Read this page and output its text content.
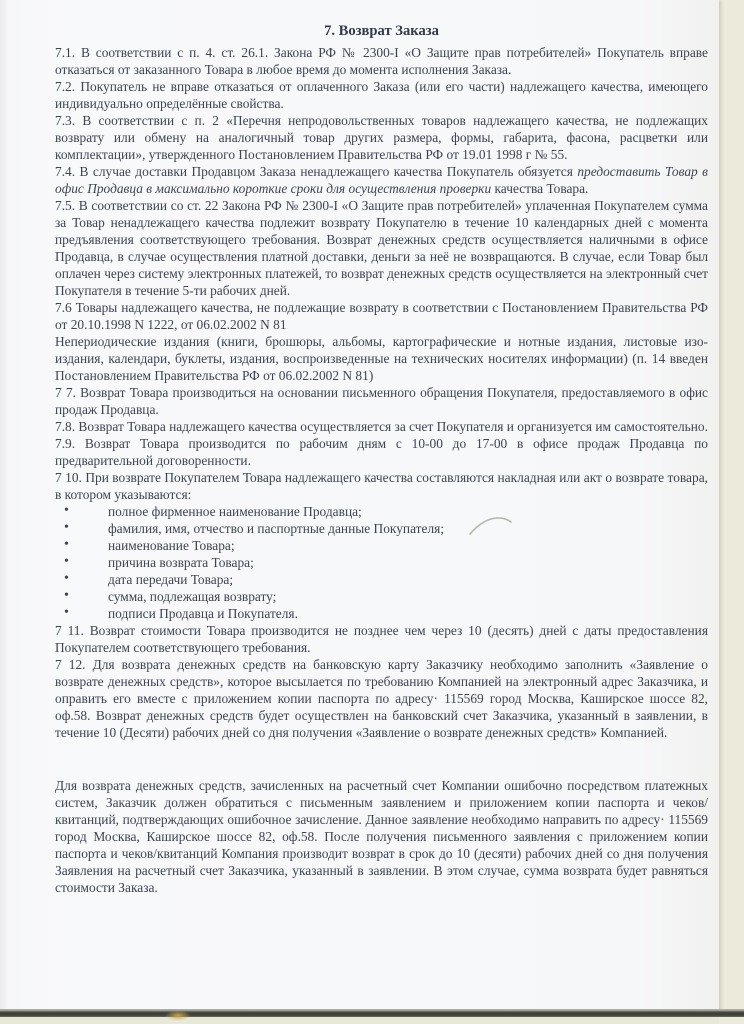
7. Возврат Заказа

7.1. В соответствии с п. 4. ст. 26.1. Закона РФ № 2300-I «О Защите прав потребителей» Покупатель вправе отказаться от заказанного Товара в любое время до момента исполнения Заказа.

7.2. Покупатель не вправе отказаться от оплаченного Заказа (или его части) надлежащего качества, имеющего индивидуально определённые свойства.

7.3. В соответствии с п. 2 «Перечня непродовольственных товаров надлежащего качества, не подлежащих возврату или обмену на аналогичный товар других размера, формы, габарита, фасона, расцветки или комплектации», утвержденного Постановлением Правительства РФ от 19.01 1998 г № 55.

7.4. В случае доставки Продавцом Заказа ненадлежащего качества Покупатель обязуется предоставить Товар в офис Продавца в максимально короткие сроки для осуществления проверки качества Товара.

7.5. В соответствии со ст. 22 Закона РФ № 2300-I «О Защите прав потребителей» уплаченная Покупателем сумма за Товар ненадлежащего качества подлежит возврату Покупателю в течение 10 календарных дней с момента предъявления соответствующего требования. Возврат денежных средств осуществляется наличными в офисе Продавца, в случае осуществления платной доставки, деньги за неё не возвращаются. В случае, если Товар был оплачен через систему электронных платежей, то возврат денежных средств осуществляется на электронный счет Покупателя в течение 5-ти рабочих дней.

7.6 Товары надлежащего качества, не подлежащие возврату в соответствии с Постановлением Правительства РФ от 20.10.1998 N 1222, от 06.02.2002 N 81

Непериодические издания (книги, брошюры, альбомы, картографические и нотные издания, листовые изо-издания, календари, буклеты, издания, воспроизведенные на технических носителях информации) (п. 14 введен Постановлением Правительства РФ от 06.02.2002 N 81)

7 7. Возврат Товара производиться на основании письменного обращения Покупателя, предоставляемого в офис продаж Продавца.

7.8. Возврат Товара надлежащего качества осуществляется за счет Покупателя и организуется им самостоятельно.

7.9. Возврат Товара производится по рабочим дням с 10-00 до 17-00 в офисе продаж Продавца по предварительной договоренности.

7 10. При возврате Покупателем Товара надлежащего качества составляются накладная или акт о возврате товара, в котором указываются:

•	полное фирменное наименование Продавца;

•	фамилия, имя, отчество и паспортные данные Покупателя;

•	наименование Товара;

•	причина возврата Товара;

•	дата передачи Товара;

•	сумма, подлежащая возврату;

•	подписи Продавца и Покупателя.

7 11. Возврат стоимости Товара производится не позднее чем через 10 (десять) дней с даты предоставления Покупателем соответствующего требования.

7 12. Для возврата денежных средств на банковскую карту Заказчику необходимо заполнить «Заявление о возврате денежных средств», которое высылается по требованию Компанией на электронный адрес Заказчика, и оправить его вместе с приложением копии паспорта по адресу· 115569 город Москва, Каширское шоссе 82, оф.58. Возврат денежных средств будет осуществлен на банковский счет Заказчика, указанный в заявлении, в течение 10 (Десяти) рабочих дней со дня получения «Заявление о возврате денежных средств» Компанией.

Для возврата денежных средств, зачисленных на расчетный счет Компании ошибочно посредством платежных систем, Заказчик должен обратиться с письменным заявлением и приложением копии паспорта и чеков/квитанций, подтверждающих ошибочное зачисление. Данное заявление необходимо направить по адресу· 115569 город Москва, Каширское шоссе 82, оф.58. После получения письменного заявления с приложением копии паспорта и чеков/квитанций Компания производит возврат в срок до 10 (десяти) рабочих дней со дня получения Заявления на расчетный счет Заказчика, указанный в заявлении. В этом случае, сумма возврата будет равняться стоимости Заказа.
